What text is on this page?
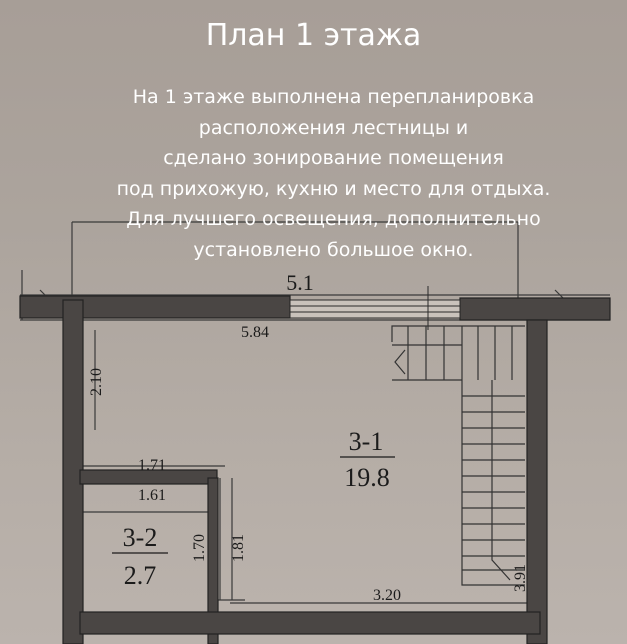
5.1
5.84
2.10
1.71
1.61
1.70 1.81
3.20
3.91
3-1
19.8
3-2
2.7
План 1 этажа
На 1 этаже выполнена перепланировка
расположения лестницы и
сделано зонирование помещения
под прихожую, кухню и место для отдыха.
Для лучшего освещения, дополнительно
установлено большое окно.
